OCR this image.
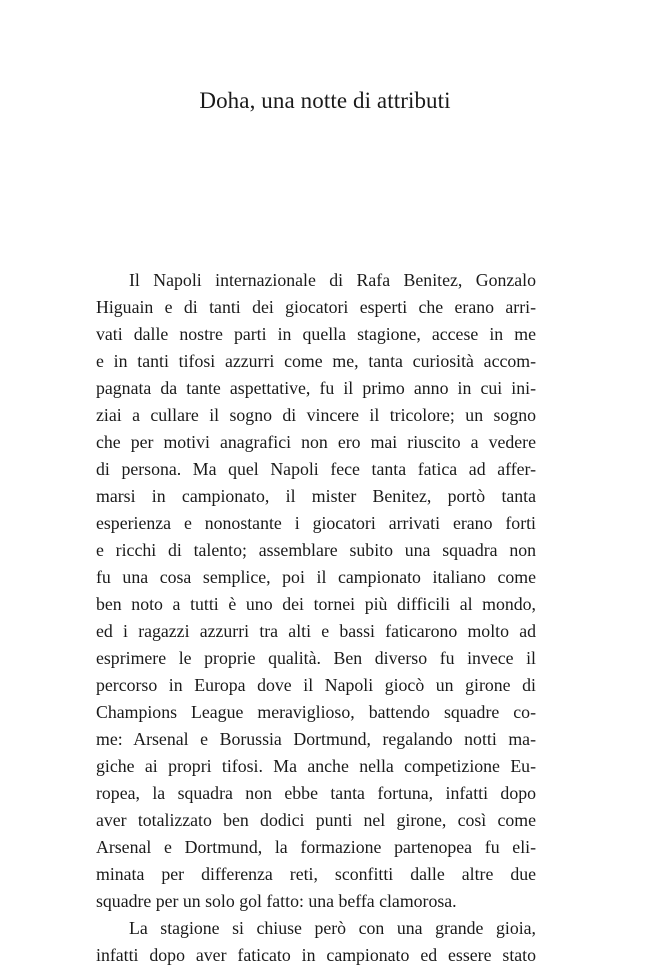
Doha, una notte di attributi

Il Napoli internazionale di Rafa Benitez, Gonzalo
Higuain e di tanti dei giocatori esperti che erano arri-
vati dalle nostre parti in quella stagione, accese in me
e in tanti tifosi azzurri come me, tanta curiosità accom-
pagnata da tante aspettative, fu il primo anno in cui ini-
ziai a cullare il sogno di vincere il tricolore; un sogno
che per motivi anagrafici non ero mai riuscito a vedere
di persona. Ma quel Napoli fece tanta fatica ad affer-
marsi in campionato, il mister Benitez, portò tanta
esperienza e nonostante i giocatori arrivati erano forti
e ricchi di talento; assemblare subito una squadra non
fu una cosa semplice, poi il campionato italiano come
ben noto a tutti è uno dei tornei più difficili al mondo,
ed i ragazzi azzurri tra alti e bassi faticarono molto ad
esprimere le proprie qualità. Ben diverso fu invece il
percorso in Europa dove il Napoli giocò un girone di
Champions League meraviglioso, battendo squadre co-
me: Arsenal e Borussia Dortmund, regalando notti ma-
giche ai propri tifosi. Ma anche nella competizione Eu-
ropea, la squadra non ebbe tanta fortuna, infatti dopo
aver totalizzato ben dodici punti nel girone, così come
Arsenal e Dortmund, la formazione partenopea fu eli-
minata per differenza reti, sconfitti dalle altre due
squadre per un solo gol fatto: una beffa clamorosa.

La stagione si chiuse però con una grande gioia,
infatti dopo aver faticato in campionato ed essere stato
